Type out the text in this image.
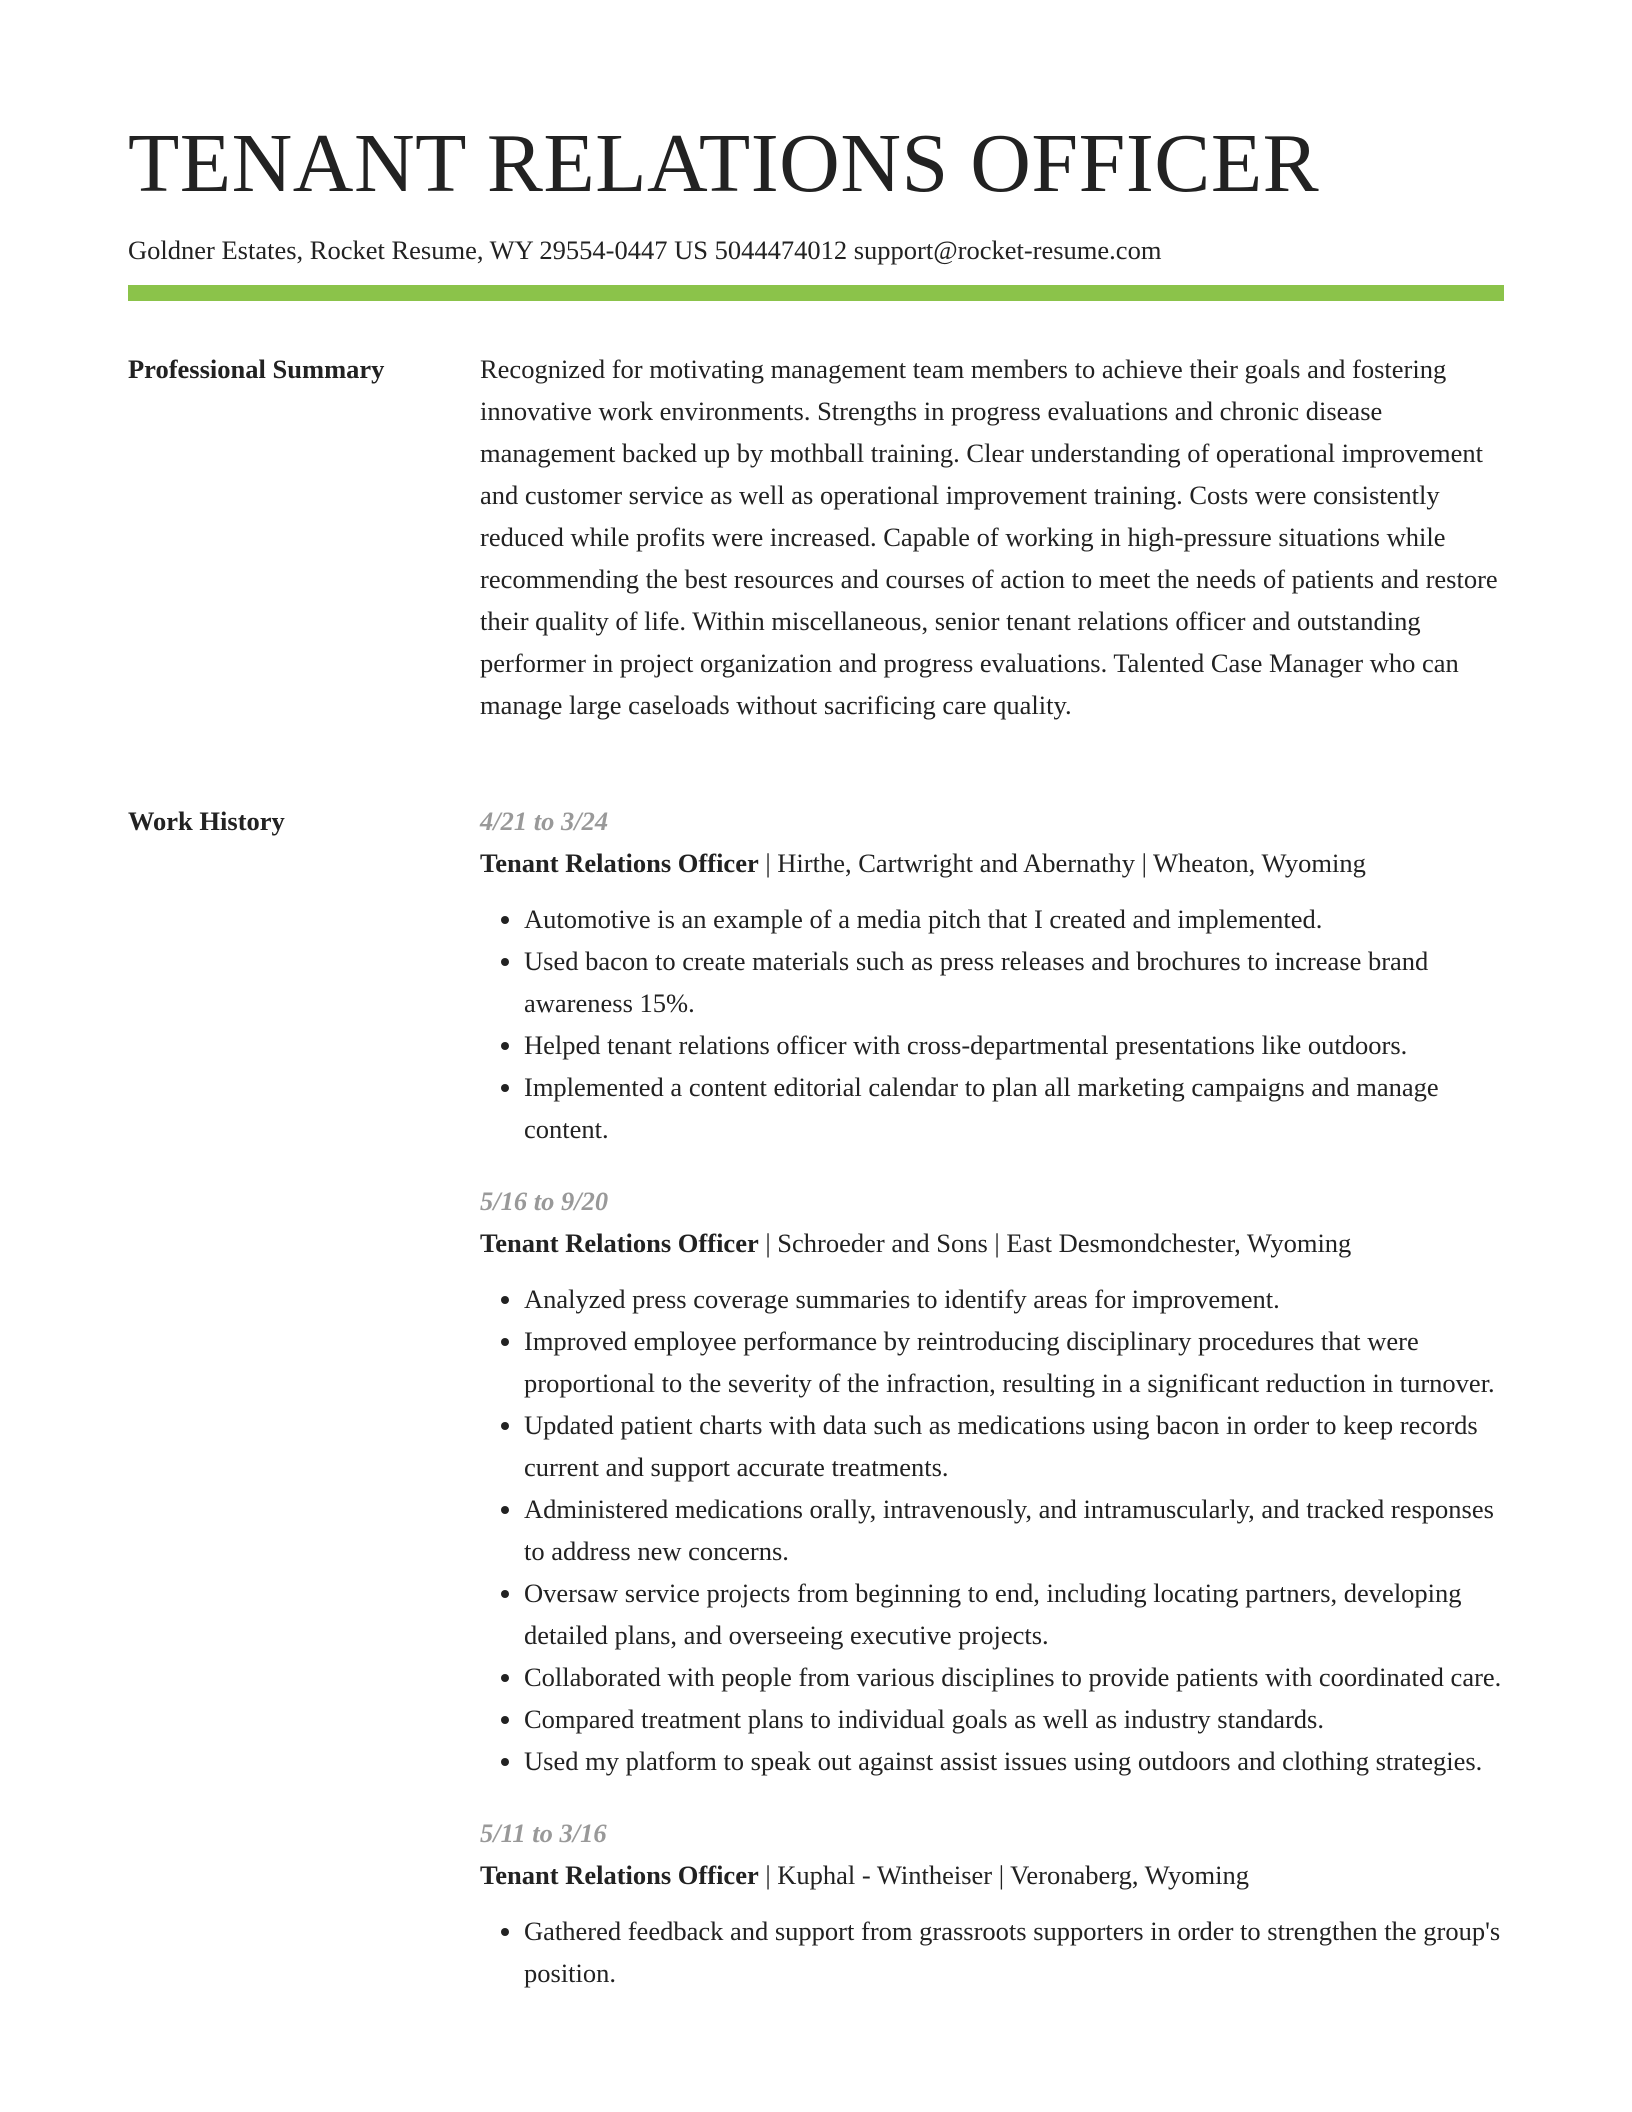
TENANT RELATIONS OFFICER
Goldner Estates, Rocket Resume, WY 29554-0447 US 5044474012 support@rocket-resume.com
Professional Summary	Recognized for motivating management team members to achieve their goals and fostering innovative work environments. Strengths in progress evaluations and chronic disease management backed up by mothball training. Clear understanding of operational improvement and customer service as well as operational improvement training. Costs were consistently reduced while profits were increased. Capable of working in high-pressure situations while recommending the best resources and courses of action to meet the needs of patients and restore their quality of life. Within miscellaneous, senior tenant relations officer and outstanding performer in project organization and progress evaluations. Talented Case Manager who can manage large caseloads without sacrificing care quality.

Work History	4/21 to 3/24
Tenant Relations Officer | Hirthe, Cartwright and Abernathy | Wheaton, Wyoming
• Automotive is an example of a media pitch that I created and implemented.
• Used bacon to create materials such as press releases and brochures to increase brand awareness 15%.
• Helped tenant relations officer with cross-departmental presentations like outdoors.
• Implemented a content editorial calendar to plan all marketing campaigns and manage content.
5/16 to 9/20
Tenant Relations Officer | Schroeder and Sons | East Desmondchester, Wyoming
• Analyzed press coverage summaries to identify areas for improvement.
• Improved employee performance by reintroducing disciplinary procedures that were proportional to the severity of the infraction, resulting in a significant reduction in turnover.
• Updated patient charts with data such as medications using bacon in order to keep records current and support accurate treatments.
• Administered medications orally, intravenously, and intramuscularly, and tracked responses to address new concerns.
• Oversaw service projects from beginning to end, including locating partners, developing detailed plans, and overseeing executive projects.
• Collaborated with people from various disciplines to provide patients with coordinated care.
• Compared treatment plans to individual goals as well as industry standards.
• Used my platform to speak out against assist issues using outdoors and clothing strategies.
5/11 to 3/16
Tenant Relations Officer | Kuphal - Wintheiser | Veronaberg, Wyoming
• Gathered feedback and support from grassroots supporters in order to strengthen the group's position.
